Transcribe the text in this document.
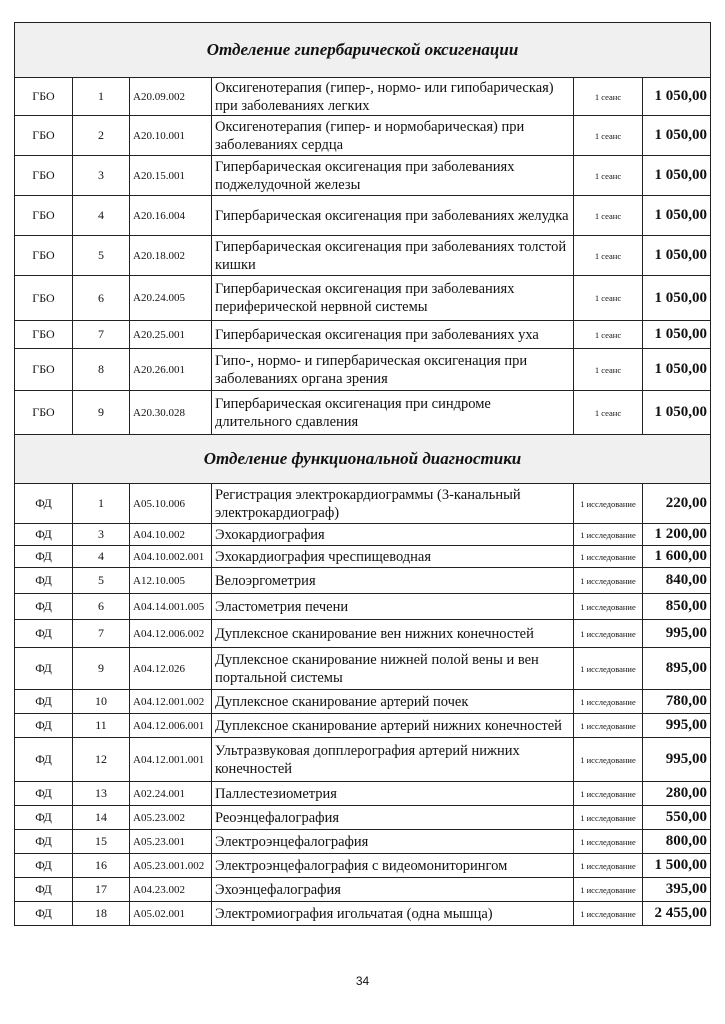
Отделение гипербарической оксигенации					
ГБО	1	A20.09.002	Оксигенотерапия (гипер-, нормо- или гипобарическая) при заболеваниях легких	1 сеанс	1 050,00
ГБО	2	A20.10.001	Оксигенотерапия (гипер- и нормобарическая) при заболеваниях сердца	1 сеанс	1 050,00
ГБО	3	A20.15.001	Гипербарическая оксигенация при заболеваниях поджелудочной железы	1 сеанс	1 050,00
ГБО	4	A20.16.004	Гипербарическая оксигенация при заболеваниях желудка	1 сеанс	1 050,00
ГБО	5	A20.18.002	Гипербарическая оксигенация при заболеваниях толстой кишки	1 сеанс	1 050,00
ГБО	6	A20.24.005	Гипербарическая оксигенация при заболеваниях периферической нервной системы	1 сеанс	1 050,00
ГБО	7	A20.25.001	Гипербарическая оксигенация при заболеваниях уха	1 сеанс	1 050,00
ГБО	8	A20.26.001	Гипо-, нормо- и гипербарическая оксигенация при заболеваниях органа зрения	1 сеанс	1 050,00
ГБО	9	A20.30.028	Гипербарическая оксигенация при синдроме длительного сдавления	1 сеанс	1 050,00
Отделение функциональной диагностики					
ФД	1	A05.10.006	Регистрация электрокардиограммы (3-канальный электрокардиограф)	1 исследование	220,00
ФД	3	A04.10.002	Эхокардиография	1 исследование	1 200,00
ФД	4	A04.10.002.001	Эхокардиография чреспищеводная	1 исследование	1 600,00
ФД	5	A12.10.005	Велоэргометрия	1 исследование	840,00
ФД	6	A04.14.001.005	Эластометрия печени	1 исследование	850,00
ФД	7	A04.12.006.002	Дуплексное сканирование вен нижних конечностей	1 исследование	995,00
ФД	9	A04.12.026	Дуплексное сканирование нижней полой вены и вен портальной системы	1 исследование	895,00
ФД	10	A04.12.001.002	Дуплексное сканирование артерий почек	1 исследование	780,00
ФД	11	A04.12.006.001	Дуплексное сканирование артерий нижних конечностей	1 исследование	995,00
ФД	12	A04.12.001.001	Ультразвуковая допплерография артерий нижних конечностей	1 исследование	995,00
ФД	13	A02.24.001	Паллестезиометрия	1 исследование	280,00
ФД	14	A05.23.002	Реоэнцефалография	1 исследование	550,00
ФД	15	A05.23.001	Электроэнцефалография	1 исследование	800,00
ФД	16	A05.23.001.002	Электроэнцефалография с видеомониторингом	1 исследование	1 500,00
ФД	17	A04.23.002	Эхоэнцефалография	1 исследование	395,00
ФД	18	A05.02.001	Электромиография игольчатая (одна мышца)	1 исследование	2 455,00
34
